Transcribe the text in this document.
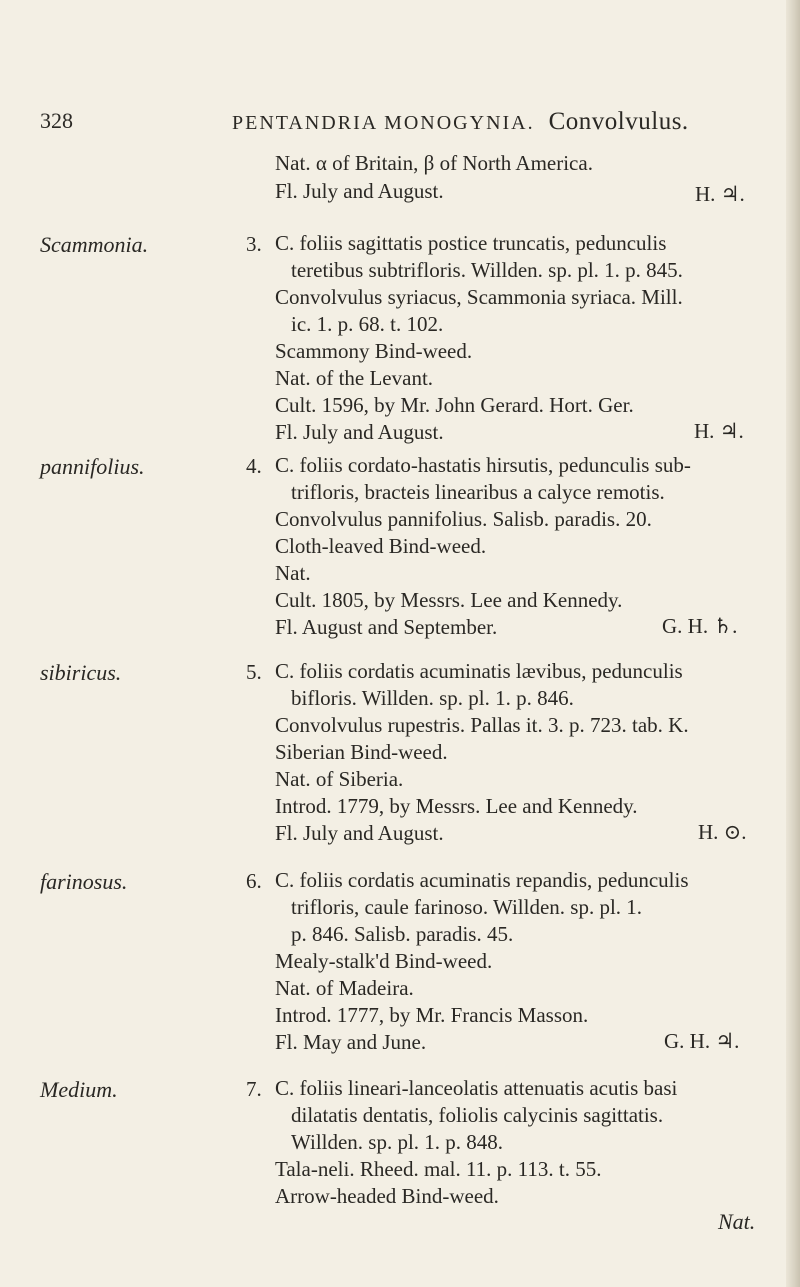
328	PENTANDRIA MONOGYNIA. Convolvulus.
Nat. α of Britain, β of North America.
Fl. July and August.	H. ♃.
Scammonia.	3. C. foliis sagittatis postice truncatis, pedunculis
teretibus subtrifloris. Willden. sp. pl. 1. p. 845.
Convolvulus syriacus, Scammonia syriaca. Mill.
ic. 1. p. 68. t. 102.
Scammony Bind-weed.
Nat. of the Levant.
Cult. 1596, by Mr. John Gerard. Hort. Ger.
Fl. July and August.	H. ♃.
pannifolius.	4. C. foliis cordato-hastatis hirsutis, pedunculis sub-
trifloris, bracteis linearibus a calyce remotis.
Convolvulus pannifolius. Salisb. paradis. 20.
Cloth-leaved Bind-weed.
Nat.
Cult. 1805, by Messrs. Lee and Kennedy.
Fl. August and September.	G. H. ♄.
sibiricus.	5. C. foliis cordatis acuminatis lævibus, pedunculis
bifloris. Willden. sp. pl. 1. p. 846.
Convolvulus rupestris. Pallas it. 3. p. 723. tab. K.
Siberian Bind-weed.
Nat. of Siberia.
Introd. 1779, by Messrs. Lee and Kennedy.
Fl. July and August.	H. ⊙.
farinosus.	6. C. foliis cordatis acuminatis repandis, pedunculis
trifloris, caule farinoso. Willden. sp. pl. 1.
p. 846. Salisb. paradis. 45.
Mealy-stalk'd Bind-weed.
Nat. of Madeira.
Introd. 1777, by Mr. Francis Masson.
Fl. May and June.	G. H. ♃.
Medium.	7. C. foliis lineari-lanceolatis attenuatis acutis basi
dilatatis dentatis, foliolis calycinis sagittatis.
Willden. sp. pl. 1. p. 848.
Tala-neli. Rheed. mal. 11. p. 113. t. 55.
Arrow-headed Bind-weed.
Nat.
